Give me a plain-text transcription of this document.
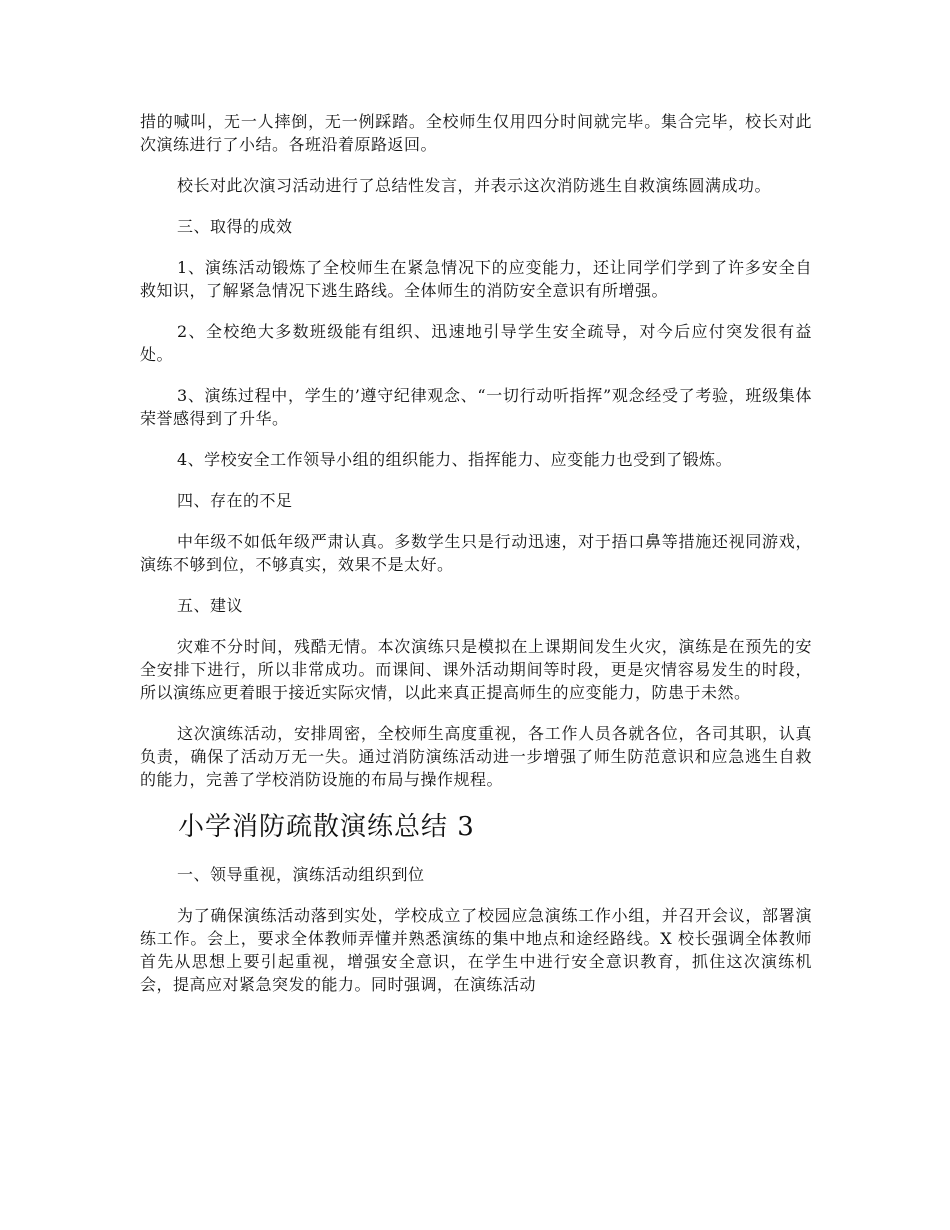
措的喊叫，无一人摔倒，无一例踩踏。全校师生仅用四分时间就完毕。集合完毕，校长对此次演练进行了小结。各班沿着原路返回。

校长对此次演习活动进行了总结性发言，并表示这次消防逃生自救演练圆满成功。

三、取得的成效

1、演练活动锻炼了全校师生在紧急情况下的应变能力，还让同学们学到了许多安全自救知识，了解紧急情况下逃生路线。全体师生的消防安全意识有所增强。

2、全校绝大多数班级能有组织、迅速地引导学生安全疏导，对今后应付突发很有益处。

3、演练过程中，学生的’遵守纪律观念、“一切行动听指挥”观念经受了考验，班级集体荣誉感得到了升华。

4、学校安全工作领导小组的组织能力、指挥能力、应变能力也受到了锻炼。

四、存在的不足

中年级不如低年级严肃认真。多数学生只是行动迅速，对于捂口鼻等措施还视同游戏，演练不够到位，不够真实，效果不是太好。

五、建议

灾难不分时间，残酷无情。本次演练只是模拟在上课期间发生火灾，演练是在预先的安全安排下进行，所以非常成功。而课间、课外活动期间等时段，更是灾情容易发生的时段，所以演练应更着眼于接近实际灾情，以此来真正提高师生的应变能力，防患于未然。

这次演练活动，安排周密，全校师生高度重视，各工作人员各就各位，各司其职，认真负责，确保了活动万无一失。通过消防演练活动进一步增强了师生防范意识和应急逃生自救的能力，完善了学校消防设施的布局与操作规程。

小学消防疏散演练总结 3

一、领导重视，演练活动组织到位

为了确保演练活动落到实处，学校成立了校园应急演练工作小组，并召开会议，部署演练工作。会上，要求全体教师弄懂并熟悉演练的集中地点和途经路线。X 校长强调全体教师首先从思想上要引起重视，增强安全意识，在学生中进行安全意识教育，抓住这次演练机会，提高应对紧急突发的能力。同时强调，在演练活动
